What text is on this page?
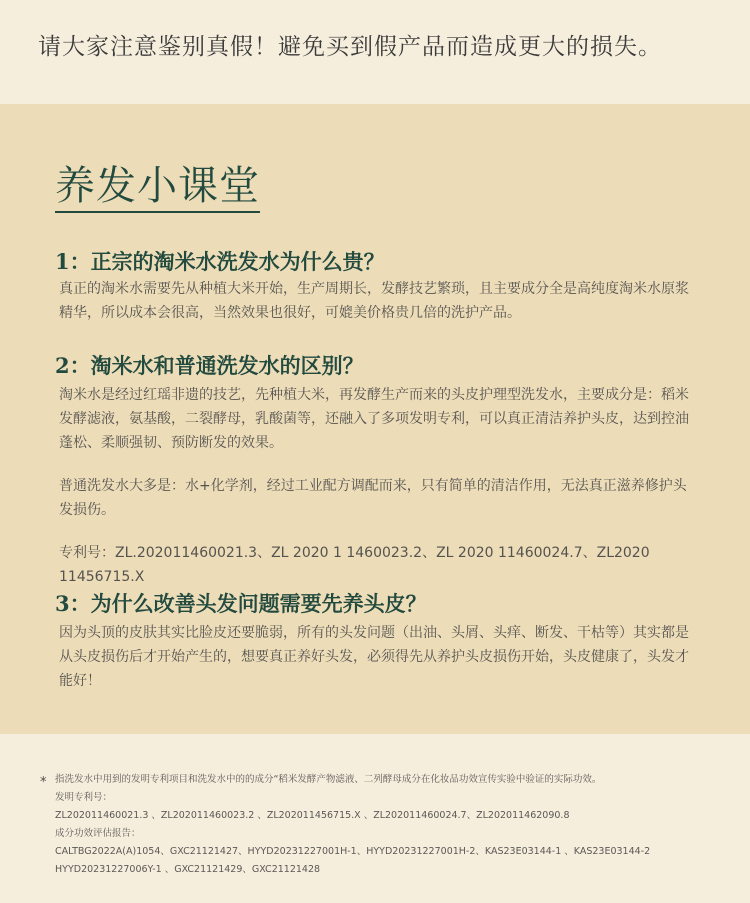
请大家注意鉴别真假！避免买到假产品而造成更大的损失。
养发小课堂
1：正宗的淘米水洗发水为什么贵？

真正的淘米水需要先从种植大米开始，生产周期长，发酵技艺繁琐，且主要成分全是高纯度淘米水原浆精华，所以成本会很高，当然效果也很好，可媲美价格贵几倍的洗护产品。

2：淘米水和普通洗发水的区别？

淘米水是经过红瑶非遗的技艺，先种植大米，再发酵生产而来的头皮护理型洗发水，主要成分是：稻米发酵滤液，氨基酸，二裂酵母，乳酸菌等，还融入了多项发明专利，可以真正清洁养护头皮，达到控油蓬松、柔顺强韧、预防断发的效果。

普通洗发水大多是：水+化学剂，经过工业配方调配而来，只有简单的清洁作用，无法真正滋养修护头发损伤。

专利号：ZL.202011460021.3、ZL 2020 1 1460023.2、ZL 2020 11460024.7、ZL2020 11456715.X

3：为什么改善头发问题需要先养头皮？

因为头顶的皮肤其实比脸皮还要脆弱，所有的头发问题（出油、头屑、头痒、断发、干枯等）其实都是从头皮损伤后才开始产生的，想要真正养好头发，必须得先从养护头皮损伤开始，头皮健康了，头发才能好！

* 指洗发水中用到的发明专利项目和洗发水中的的成分“稻米发酵产物滤液、二列酵母成分在化妆品功效宣传实验中验证的实际功效。
发明专利号：
ZL202011460021.3 、ZL202011460023.2 、ZL202011456715.X 、ZL202011460024.7、ZL202011462090.8
成分功效评估报告：
CALTBG2022A(A)1054、GXC21121427、HYYD20231227001H-1、HYYD20231227001H-2、KAS23E03144-1 、KAS23E03144-2
HYYD20231227006Y-1 、GXC21121429、GXC21121428
